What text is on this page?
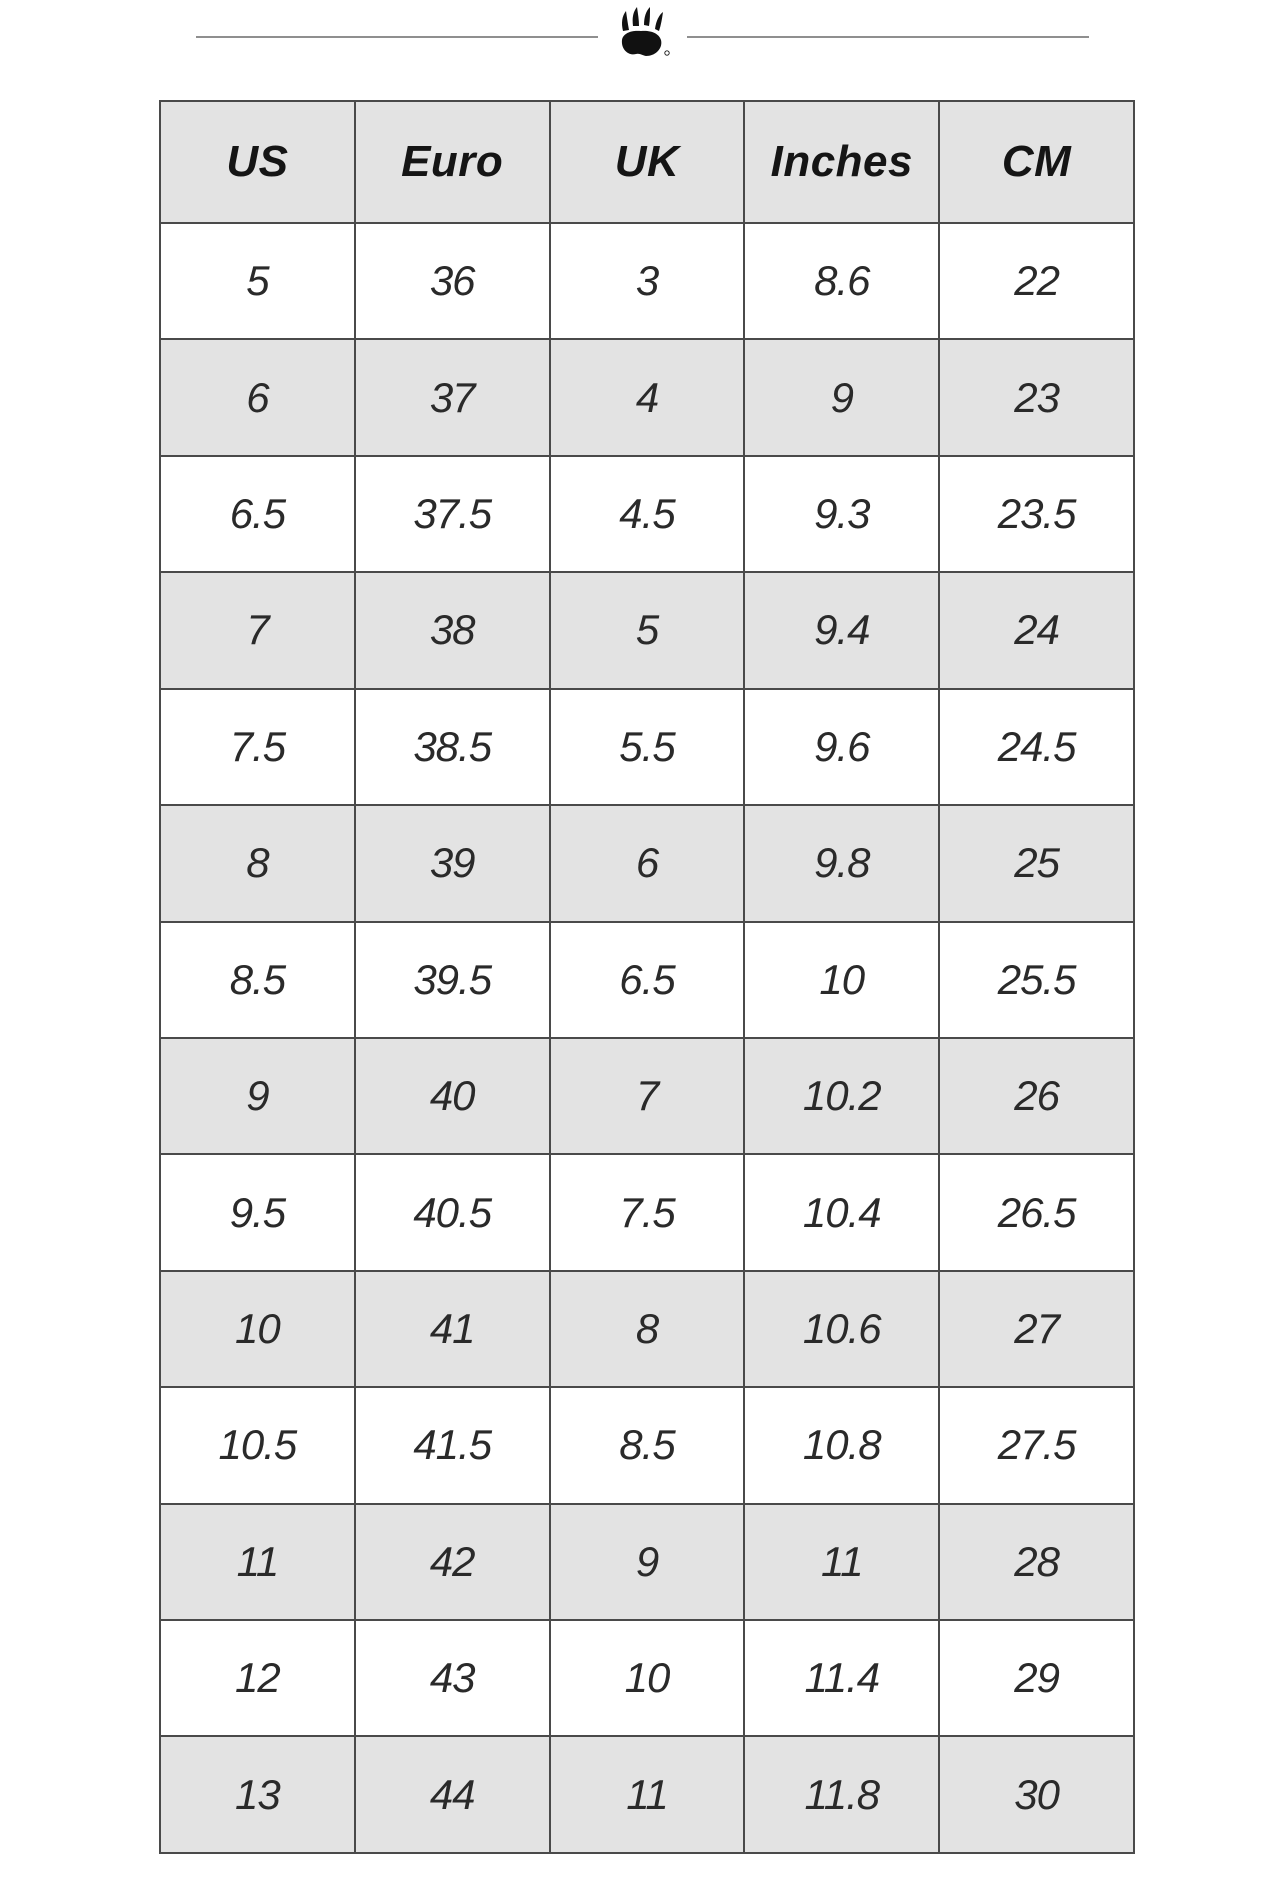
US	Euro	UK	Inches	CM
5	36	3	8.6	22
6	37	4	9	23
6.5	37.5	4.5	9.3	23.5
7	38	5	9.4	24
7.5	38.5	5.5	9.6	24.5
8	39	6	9.8	25
8.5	39.5	6.5	10	25.5
9	40	7	10.2	26
9.5	40.5	7.5	10.4	26.5
10	41	8	10.6	27
10.5	41.5	8.5	10.8	27.5
11	42	9	11	28
12	43	10	11.4	29
13	44	11	11.8	30
